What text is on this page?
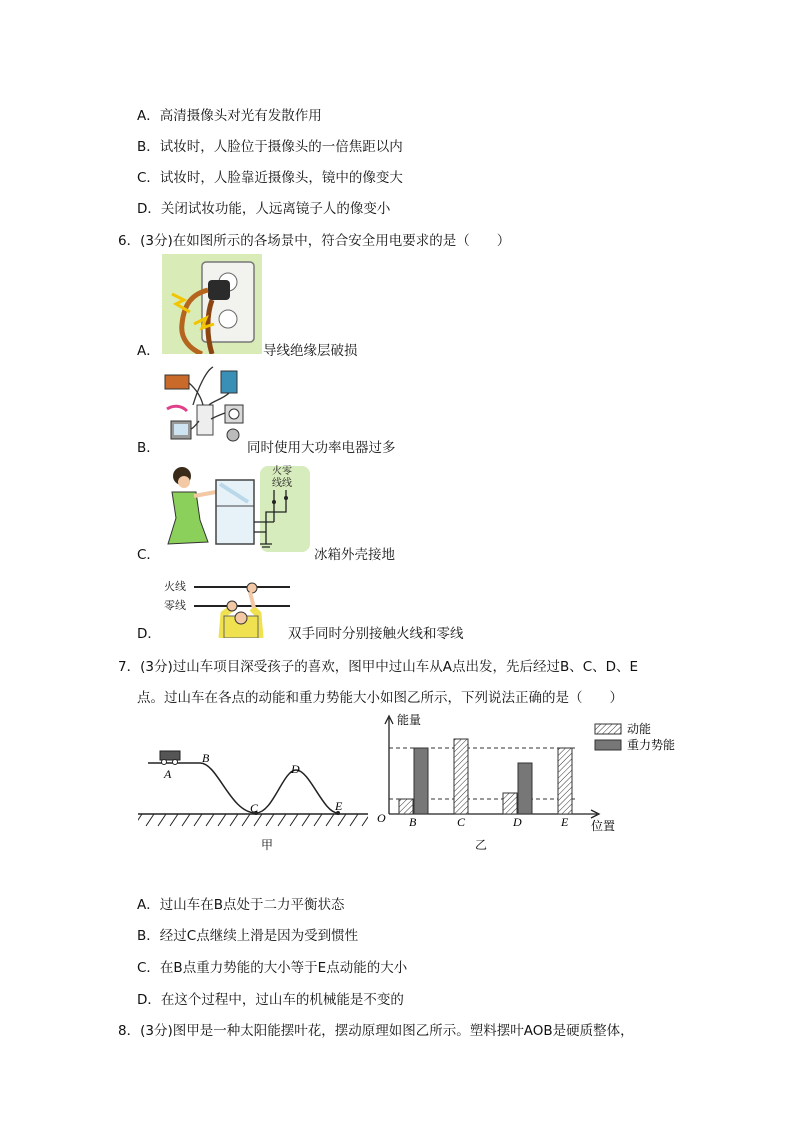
A．高清摄像头对光有发散作用
B．试妆时，人脸位于摄像头的一倍焦距以内
C．试妆时，人脸靠近摄像头，镜中的像变大
D．关闭试妆功能，人远离镜子人的像变小
6．(3分)在如图所示的各场景中，符合安全用电要求的是（　　）
A．	导线绝缘层破损
B．	同时使用大功率电器过多
C．
火零
线线
冰箱外壳接地
D．
火线
零线
双手同时分别接触火线和零线
7．(3分)过山车项目深受孩子的喜欢，图甲中过山车从A点出发，先后经过B、C、D、E
点。过山车在各点的动能和重力势能大小如图乙所示，下列说法正确的是（　　）
A
B
C
D
E
甲
能量
位置
O B	C	D	E
动能
重力势能
乙
A．过山车在B点处于二力平衡状态
B．经过C点继续上滑是因为受到惯性
C．在B点重力势能的大小等于E点动能的大小
D．在这个过程中，过山车的机械能是不变的
8．(3分)图甲是一种太阳能摆叶花，摆动原理如图乙所示。塑料摆叶AOB是硬质整体，
